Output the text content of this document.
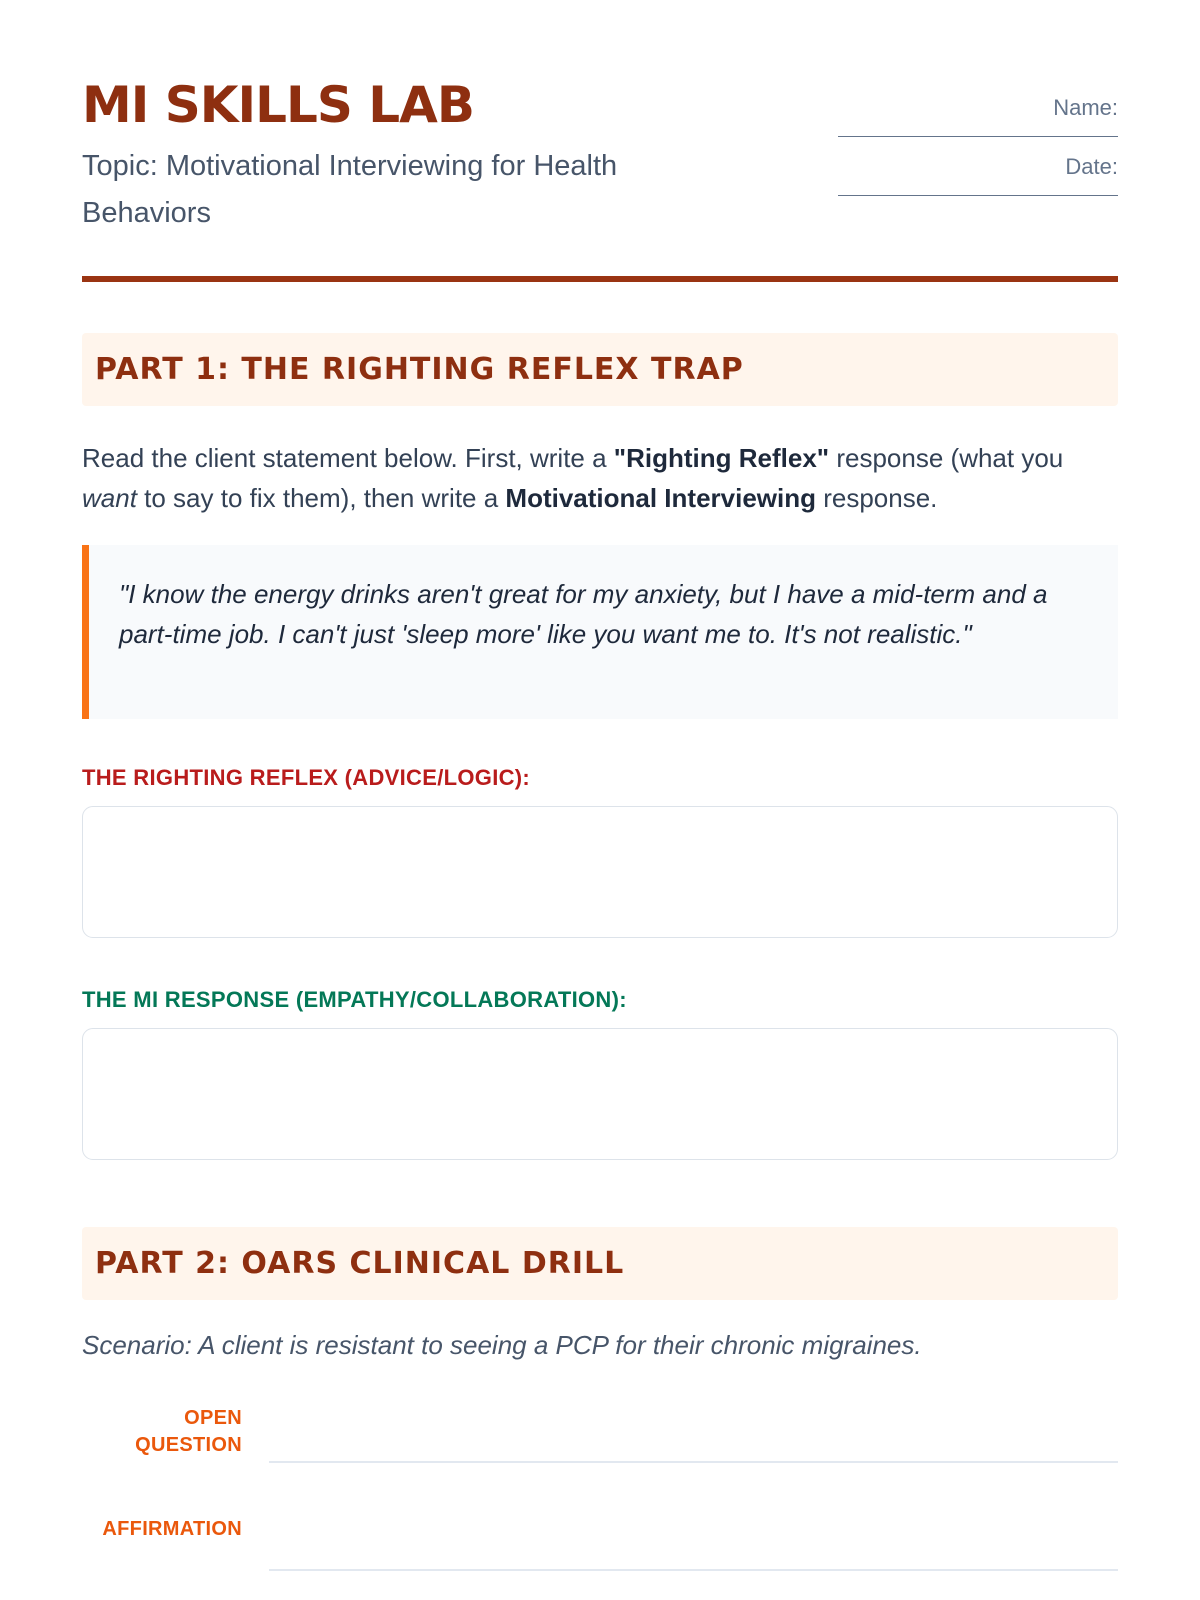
MI SKILLS LAB
Topic: Motivational Interviewing for Health Behaviors
Name:
Date:
PART 1: THE RIGHTING REFLEX TRAP
Read the client statement below. First, write a "Righting Reflex" response (what you want to say to fix them), then write a Motivational Interviewing response.
"I know the energy drinks aren't great for my anxiety, but I have a mid-term and a part-time job. I can't just 'sleep more' like you want me to. It's not realistic."
THE RIGHTING REFLEX (ADVICE/LOGIC):
THE MI RESPONSE (EMPATHY/COLLABORATION):
PART 2: OARS CLINICAL DRILL
Scenario: A client is resistant to seeing a PCP for their chronic migraines.
OPEN QUESTION
AFFIRMATION
